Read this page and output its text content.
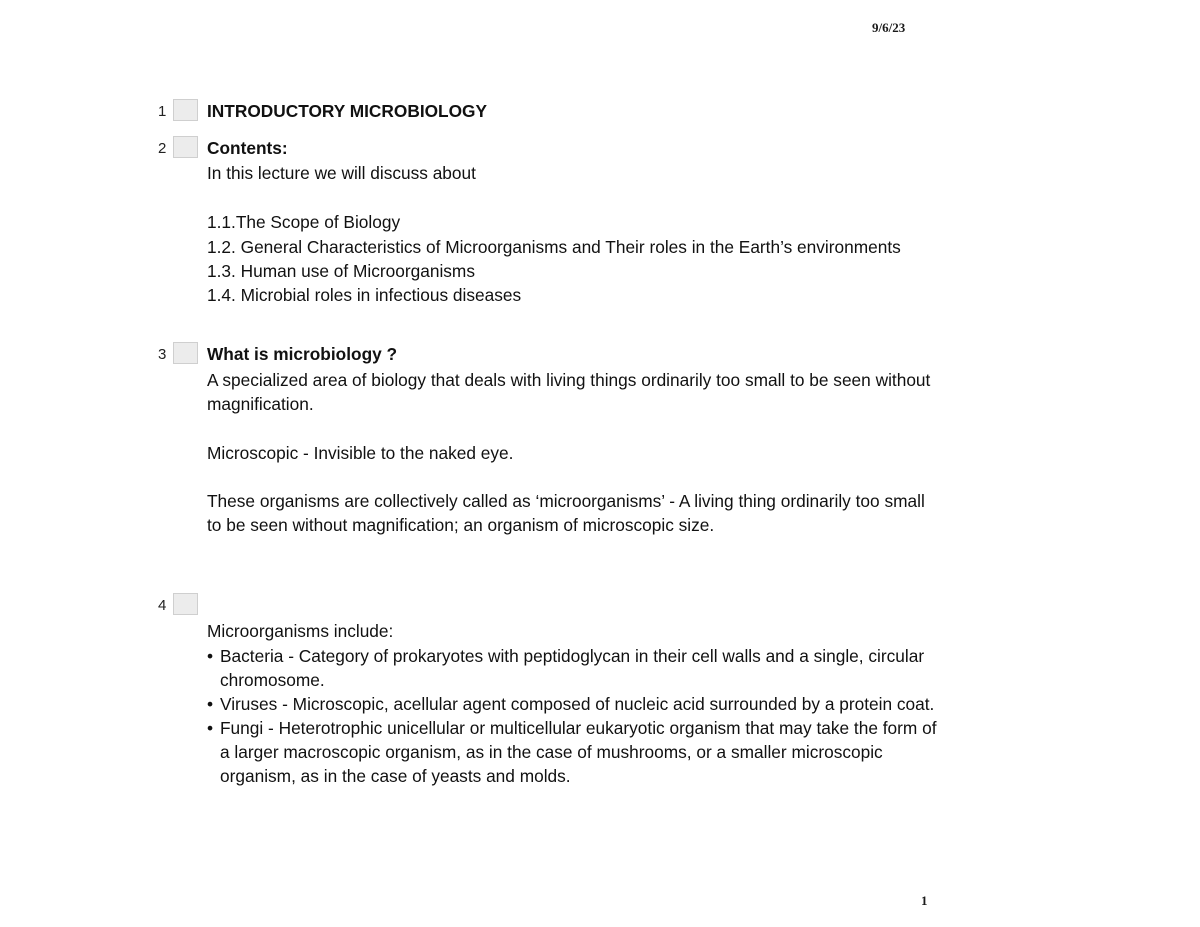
9/6/23
1 INTRODUCTORY MICROBIOLOGY
2 Contents:
In this lecture we will discuss about
1.1.The Scope of Biology
1.2. General Characteristics of Microorganisms and Their roles in the Earth’s environments
1.3. Human use of Microorganisms
1.4. Microbial roles in infectious diseases
3 What is microbiology ?
A specialized area of biology that deals with living things ordinarily too small to be seen without
magnification.
Microscopic - Invisible to the naked eye.
These organisms are collectively called as ‘microorganisms’ - A living thing ordinarily too small
to be seen without magnification; an organism of microscopic size.
4
Microorganisms include:
• Bacteria - Category of prokaryotes with peptidoglycan in their cell walls and a single, circular
chromosome.
• Viruses - Microscopic, acellular agent composed of nucleic acid surrounded by a protein coat.
• Fungi - Heterotrophic unicellular or multicellular eukaryotic organism that may take the form of
a larger macroscopic organism, as in the case of mushrooms, or a smaller microscopic
organism, as in the case of yeasts and molds.
1
